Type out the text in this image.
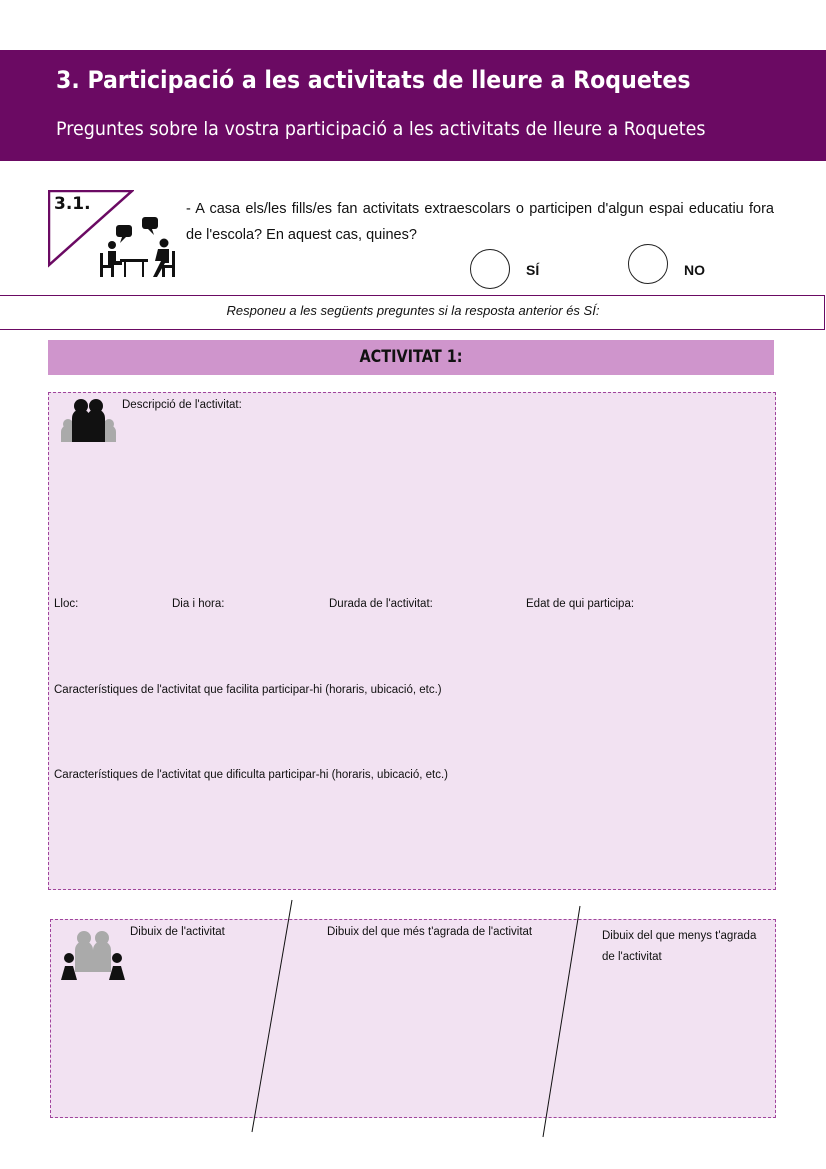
3. Participació a les activitats de lleure a Roquetes
Preguntes sobre la vostra participació a les activitats de lleure a Roquetes
3.1.	- A casa els/les fills/es fan activitats extraescolars o participen d'algun espai educatiu fora de l'escola? En aquest cas, quines?
SÍ	NO
Responeu a les següents preguntes si la resposta anterior és SÍ:
ACTIVITAT 1:
Descripció de l'activitat:
Lloc:	Dia i hora:	Durada de l'activitat:	Edat de qui participa:
Característiques de l'activitat que facilita participar-hi (horaris, ubicació, etc.)
Característiques de l'activitat que dificulta participar-hi (horaris, ubicació, etc.)
Dibuix de l'activitat	Dibuix del que més t'agrada de l'activitat	Dibuix del que menys t'agrada de l'activitat
